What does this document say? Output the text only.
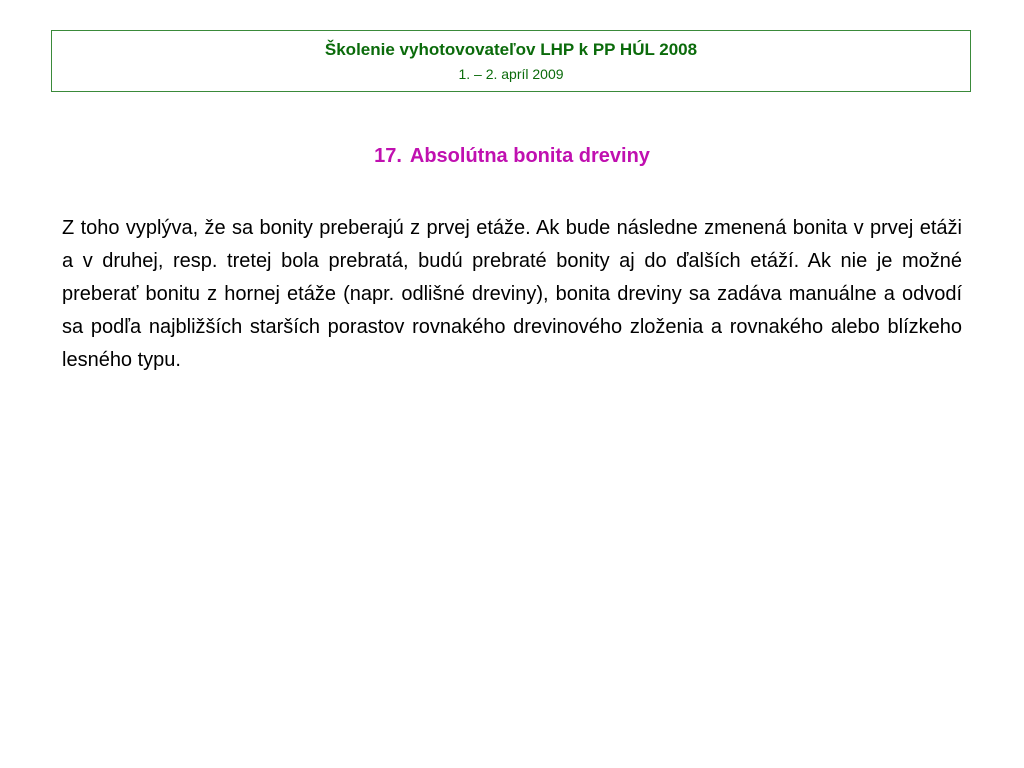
Školenie vyhotovovateľov LHP k PP HÚL 2008
1. – 2. apríl 2009
17. Absolútna bonita dreviny

Z toho vyplýva, že sa bonity preberajú z prvej etáže. Ak bude následne zmenená bonita v prvej etáži a v druhej, resp. tretej bola prebratá, budú prebraté bonity aj do ďalších etáží. Ak nie je možné preberať bonitu z hornej etáže (napr. odlišné dreviny), bonita dreviny sa zadáva manuálne a odvodí sa podľa najbližších starších porastov rovnakého drevinového zloženia a rovnakého alebo blízkeho lesného typu.
